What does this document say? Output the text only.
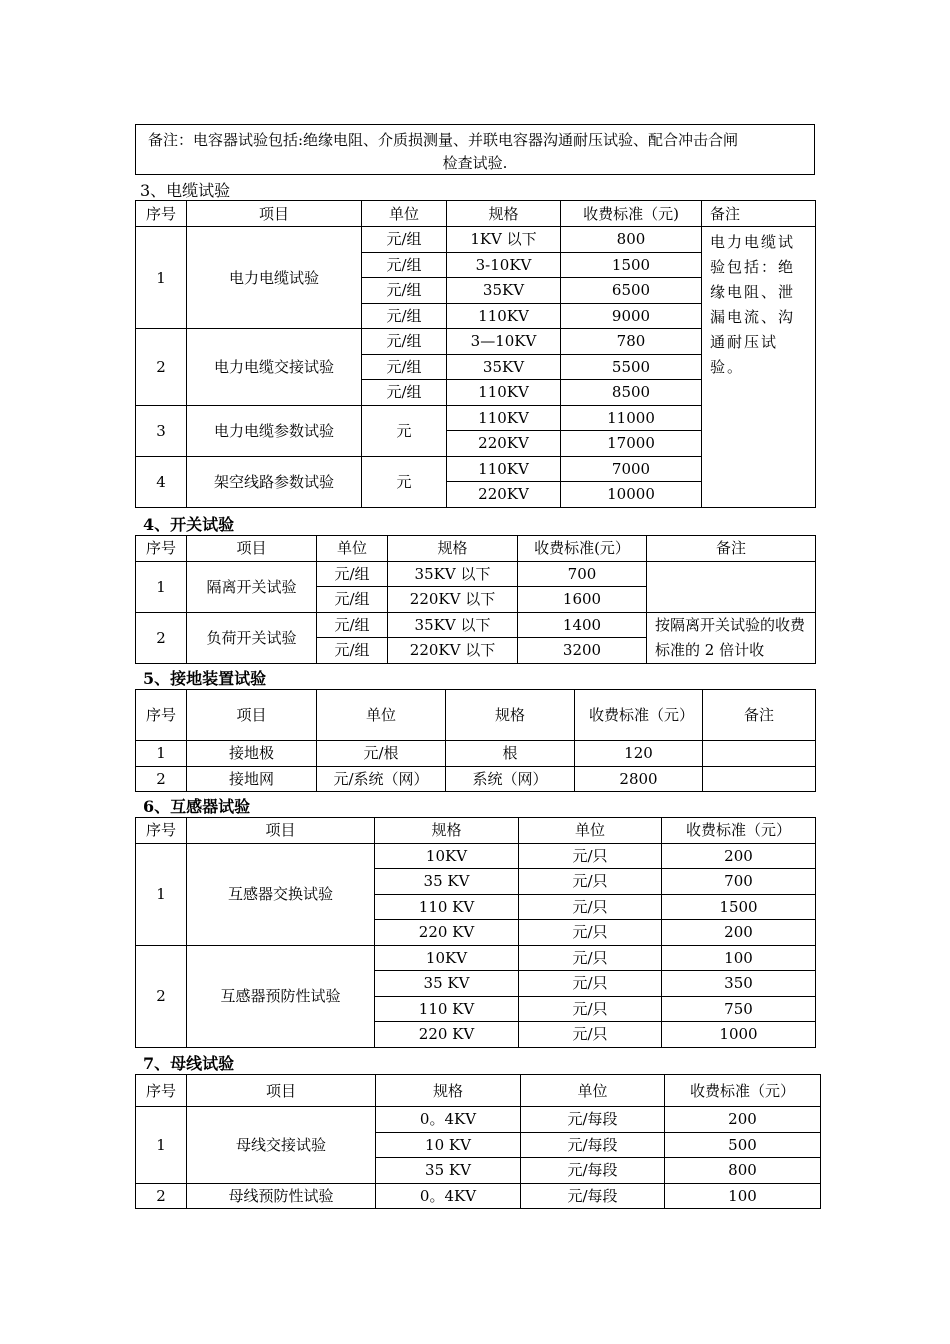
备注：电容器试验包括:绝缘电阻、介质损测量、并联电容器沟通耐压试验、配合冲击合闸
检查试验.
3、电缆试验
序号	项目	单位	规格	收费标准（元)	备注
1	电力电缆试验	元/组	1KV 以下	800	电力电缆试验包括：绝缘电阻、泄漏电流、沟通耐压试验。
		元/组	3-10KV	1500	
		元/组	35KV	6500	
		元/组	110KV	9000	
2	电力电缆交接试验	元/组	3—10KV	780	
		元/组	35KV	5500	
		元/组	110KV	8500	
3	电力电缆参数试验	元	110KV	11000	
			220KV	17000	
4	架空线路参数试验	元	110KV	7000	
			220KV	10000	
4、开关试验
序号	项目	单位	规格	收费标准(元）	备注
1	隔离开关试验	元/组	35KV 以下	700	
		元/组	220KV 以下	1600	
2	负荷开关试验	元/组	35KV 以下	1400	按隔离开关试验的收费标准的 2 倍计收
		元/组	220KV 以下	3200	
5、接地装置试验
序号	项目	单位	规格	收费标准（元）	备注
1	接地极	元/根	根	120	
2	接地网	元/系统（网）	系统（网）	2800	
6、互感器试验
序号	项目	规格	单位	收费标准（元）
1	互感器交换试验	10KV	元/只	200
		35 KV	元/只	700
		110 KV	元/只	1500
		220 KV	元/只	200
2	互感器预防性试验	10KV	元/只	100
		35 KV	元/只	350
		110 KV	元/只	750
		220 KV	元/只	1000
7、母线试验
序号	项目	规格	单位	收费标准（元）
1	母线交接试验	0。4KV	元/每段	200
		10 KV	元/每段	500
		35 KV	元/每段	800
2	母线预防性试验	0。4KV	元/每段	100
